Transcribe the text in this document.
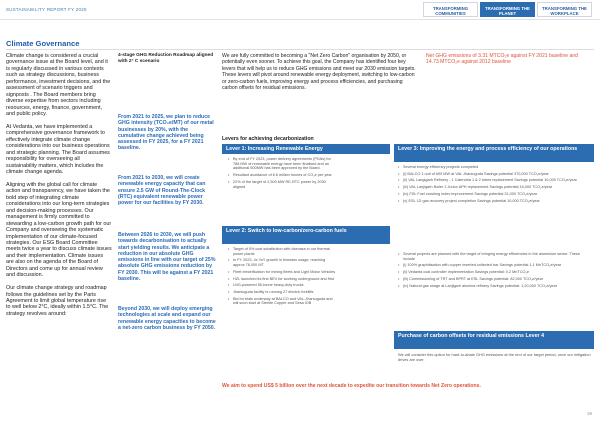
SUSTAINABILITY REPORT FY 2025	TRANSFORMING COMMUNITIES
TRANSFORMING THE PLANET
TRANSFORMING THE WORKPLACE
Climate Governance

Climate change is considered a crucial governance issue at the Board level, and it is regularly discussed in various contexts such as strategy discussions, business performance, investment decisions, and the assessment of scenario triggers and signposts . The Board members bring diverse expertise from sectors including resources, energy, finance, government, and public policy.

At Vedanta, we have implemented a comprehensive governance framework to effectively integrate climate change considerations into our business operations and strategic planning. The Board assumes responsibility for overseeing all sustainability matters, which includes the climate change agenda.

Aligning with the global call for climate action and transparency, we have taken the bold step of integrating climate considerations into our long-term strategies and decision-making processes. Our management is firmly committed to stewarding a low-carbon growth path for our Company and overseeing the systematic implementation of our climate-focused strategies. Our ESG Board Committee meets twice a year to discuss climate issues and their implementation. Climate issues are also on the agenda of the Board of Directors and come up for annual review and discussion.

Our climate change strategy and roadmap follows the guidelines set by the Paris Agreement to limit global temperature rise to well below 2°C, ideally within 1.5°C. The strategy revolves around:

4-stage GHG Reduction Roadmap aligned with 2° C scenario
From 2021 to 2025, we plan to reduce GHG intensity (TCO₂e/MT) of our metal businesses by 20%, with the cumulative change achieved being assessed in FY 2025, for a FY 2021 baseline.
From 2021 to 2030, we will create renewable energy capacity that can ensure 2.5 GW of Round-The-Clock (RTC) equivalent renewable power power for our facilities by FY 2030.
Between 2026 to 2030, we will push towards decarbonisation to actually start yielding results. We anticipate a reduction in our absolute GHG emissions in line with our target of 25% absolute GHG emissions reduction by FY 2030. This will be against a FY 2021 baseline.
Beyond 2030, we will deploy emerging technologies at scale and expand our renewable energy capacities to become a net-zero carbon business by FY 2050.
We are fully committed to becoming a "Net Zero Carbon" organisation by 2050, or potentially even sooner. To achieve this goal, the Company has identified four key levers that will help us to reduce GHG emissions and meet our 2030 emission targets. These levers will pivot around renewable energy deployment, switching to low-carbon or zero-carbon fuels, improving energy and process efficiencies, and purchasing carbon offsets for residual emissions.
Net GHG emissions of 3.31 MTCO₂e against FY 2021 baseline and 14.73 MTCO₂e against 2012 baseline
Levers for achieving decarbonization
Lever 1: Increasing Renewable Energy
• By end of FY 2023, power delivery agreements (PDAs) for 788 MW of renewable energy have been finalised and an additional 500MW has been approved by the Board.
• Resultant avoidance of 6.6 million tonnes of CO₂e per year
• 22% of the target of 2,500 MW RE-RTC power by 2030 aligned
Lever 2: Switch to low-carbon/zero-carbon fuels
• Target of 5% coal substitution with biomass in our thermal power plants
• In FY 2023, 4x YoY growth in biomass usage, reaching approx 78,000 MT
• Fleet electrification for mining fleets and Light Motor Vehicles
• HZL launched its first BEV for working underground and first
• LNG-powered 55-tonne heavy-duty trucks
• Jharsuguda facility is running 27 electric forklifts
• Bid for trials underway at BALCO and VAL-Jharsuguda and will soon start at Sterlite Copper and Sesa IOB
Lever 3: Improving the energy and process efficiency of our operations
• Several energy efficiency projects completed
• (i) BALCO 1 unit of 600 MW at VAL Jharsuguda Savings potential 370,000 TCO₂e/year
• (ii) VAL Langigarh Refinery - 1 Calendria 1 & 2 tubes replacement Savings potential 10,000 TCO₂e/year
• (iii) VAL Lanjigarh Boiler 2 Junior APH replacement Savings potential 16,000 TCO₂e/year
• (iv) FDL Fuel crushing index improvement Savings potential 31,000 TCO₂e/year
• (v) ESL LD gas recovery project completion Savings potential 10,000 TCO₂e/year
• Several projects are planned with the target of bringing energy efficiencies in the aluminium sector. These include
• (i) 100% graphitisation with copper inserted collected bar Savings potential 1.1 MnTCO₂e/year
• (ii) Vedanta coal controller implementation Savings potential: 0.2 MnTCO₂e
• (iii) Commissioning of TRT and BPRT at ESL Savings potential: 82,000 TCO₂e/year
• (iv) Natural gas usage at Lanjigarh alumina refinery Savings potential: 1,20,000 TCO₂e/year
Purchase of carbon offsets for residual emissions Lever 4
We will consider this option for hard-to-abate GHG emissions at the end of our target period, once our mitigation drives are over.
We aim to spend US$ 5 billion over the next decade to expedite our transition towards Net Zero operations.
59
